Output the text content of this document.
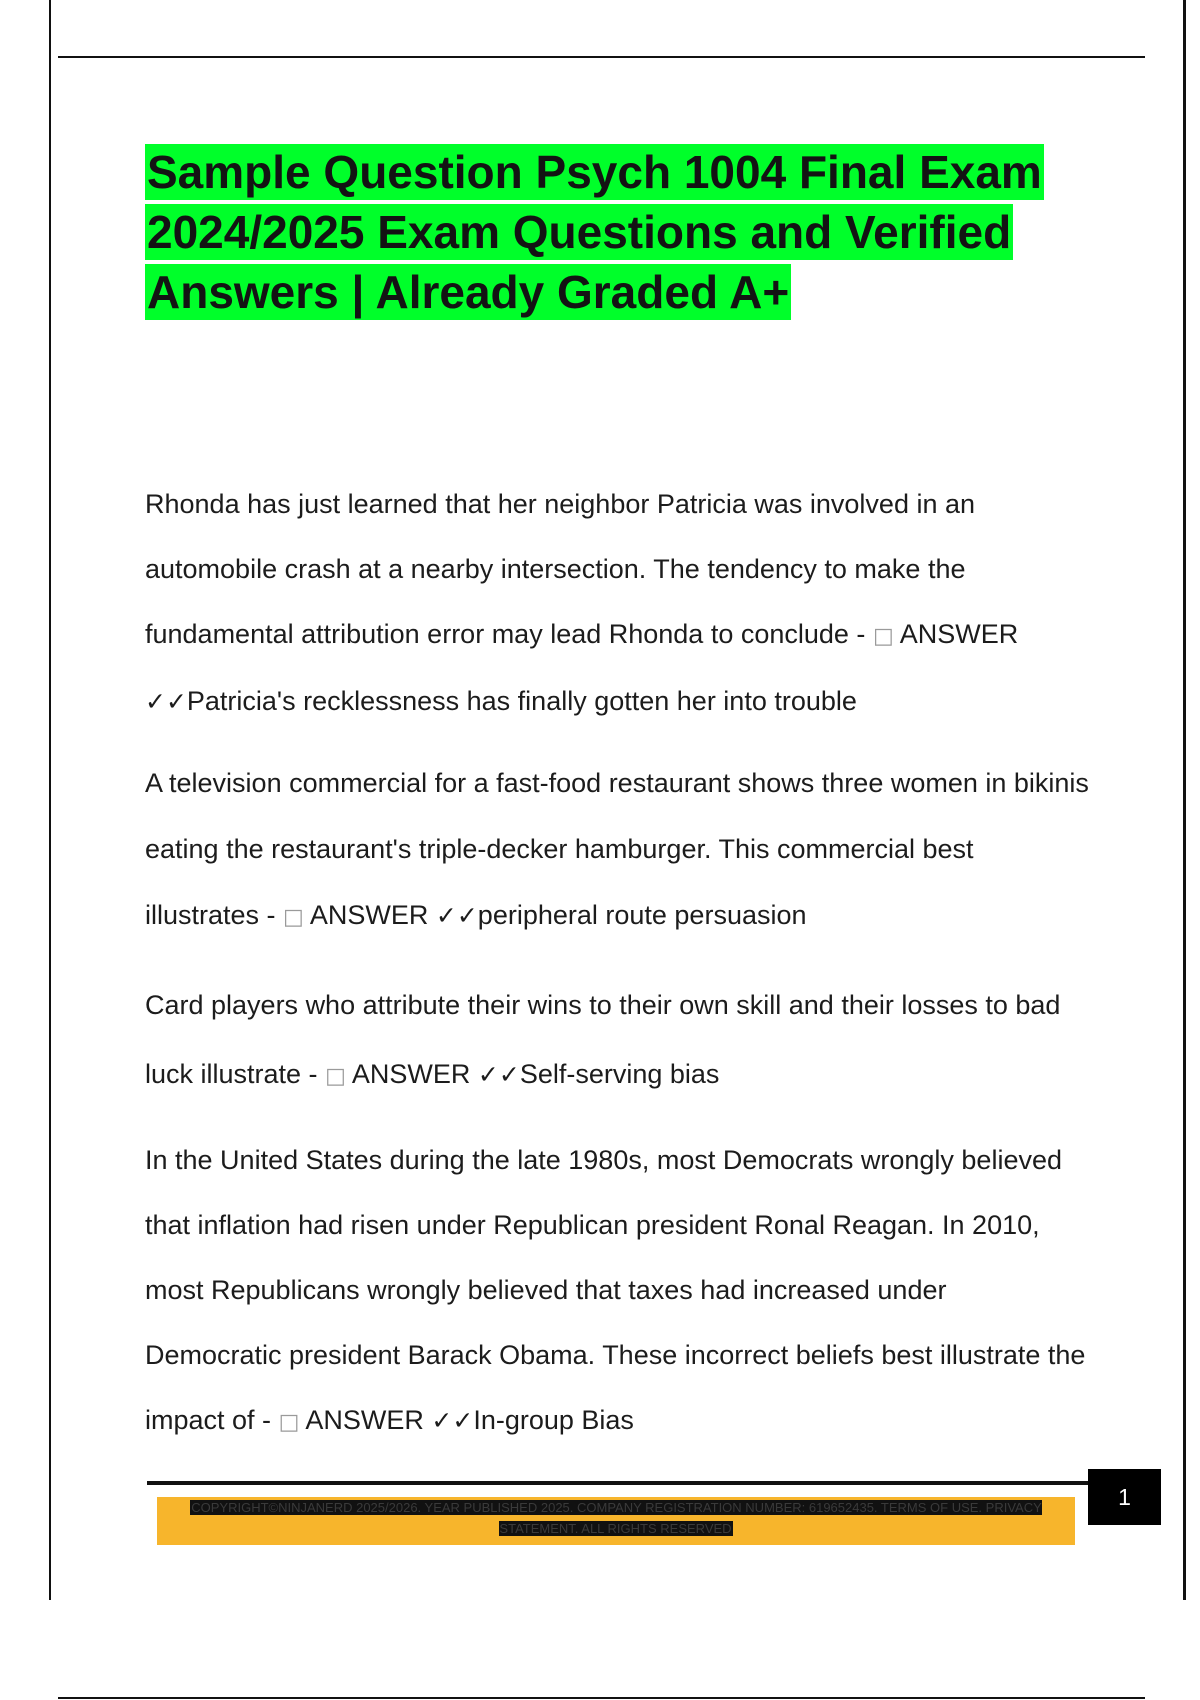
Sample Question Psych 1004 Final Exam 2024/2025 Exam Questions and Verified Answers | Already Graded A+

Rhonda has just learned that her neighbor Patricia was involved in an automobile crash at a nearby intersection. The tendency to make the fundamental attribution error may lead Rhonda to conclude - □ ANSWER ✓✓Patricia's recklessness has finally gotten her into trouble

A television commercial for a fast-food restaurant shows three women in bikinis eating the restaurant's triple-decker hamburger. This commercial best illustrates - □ ANSWER ✓✓peripheral route persuasion

Card players who attribute their wins to their own skill and their losses to bad luck illustrate - □ ANSWER ✓✓Self-serving bias

In the United States during the late 1980s, most Democrats wrongly believed that inflation had risen under Republican president Ronal Reagan. In 2010, most Republicans wrongly believed that taxes had increased under Democratic president Barack Obama. These incorrect beliefs best illustrate the impact of - □ ANSWER ✓✓In-group Bias

1
COPYRIGHT©NINJANERD 2025/2026. YEAR PUBLISHED 2025. COMPANY REGISTRATION NUMBER: 619652435. TERMS OF USE. PRIVACY STATEMENT. ALL RIGHTS RESERVED
